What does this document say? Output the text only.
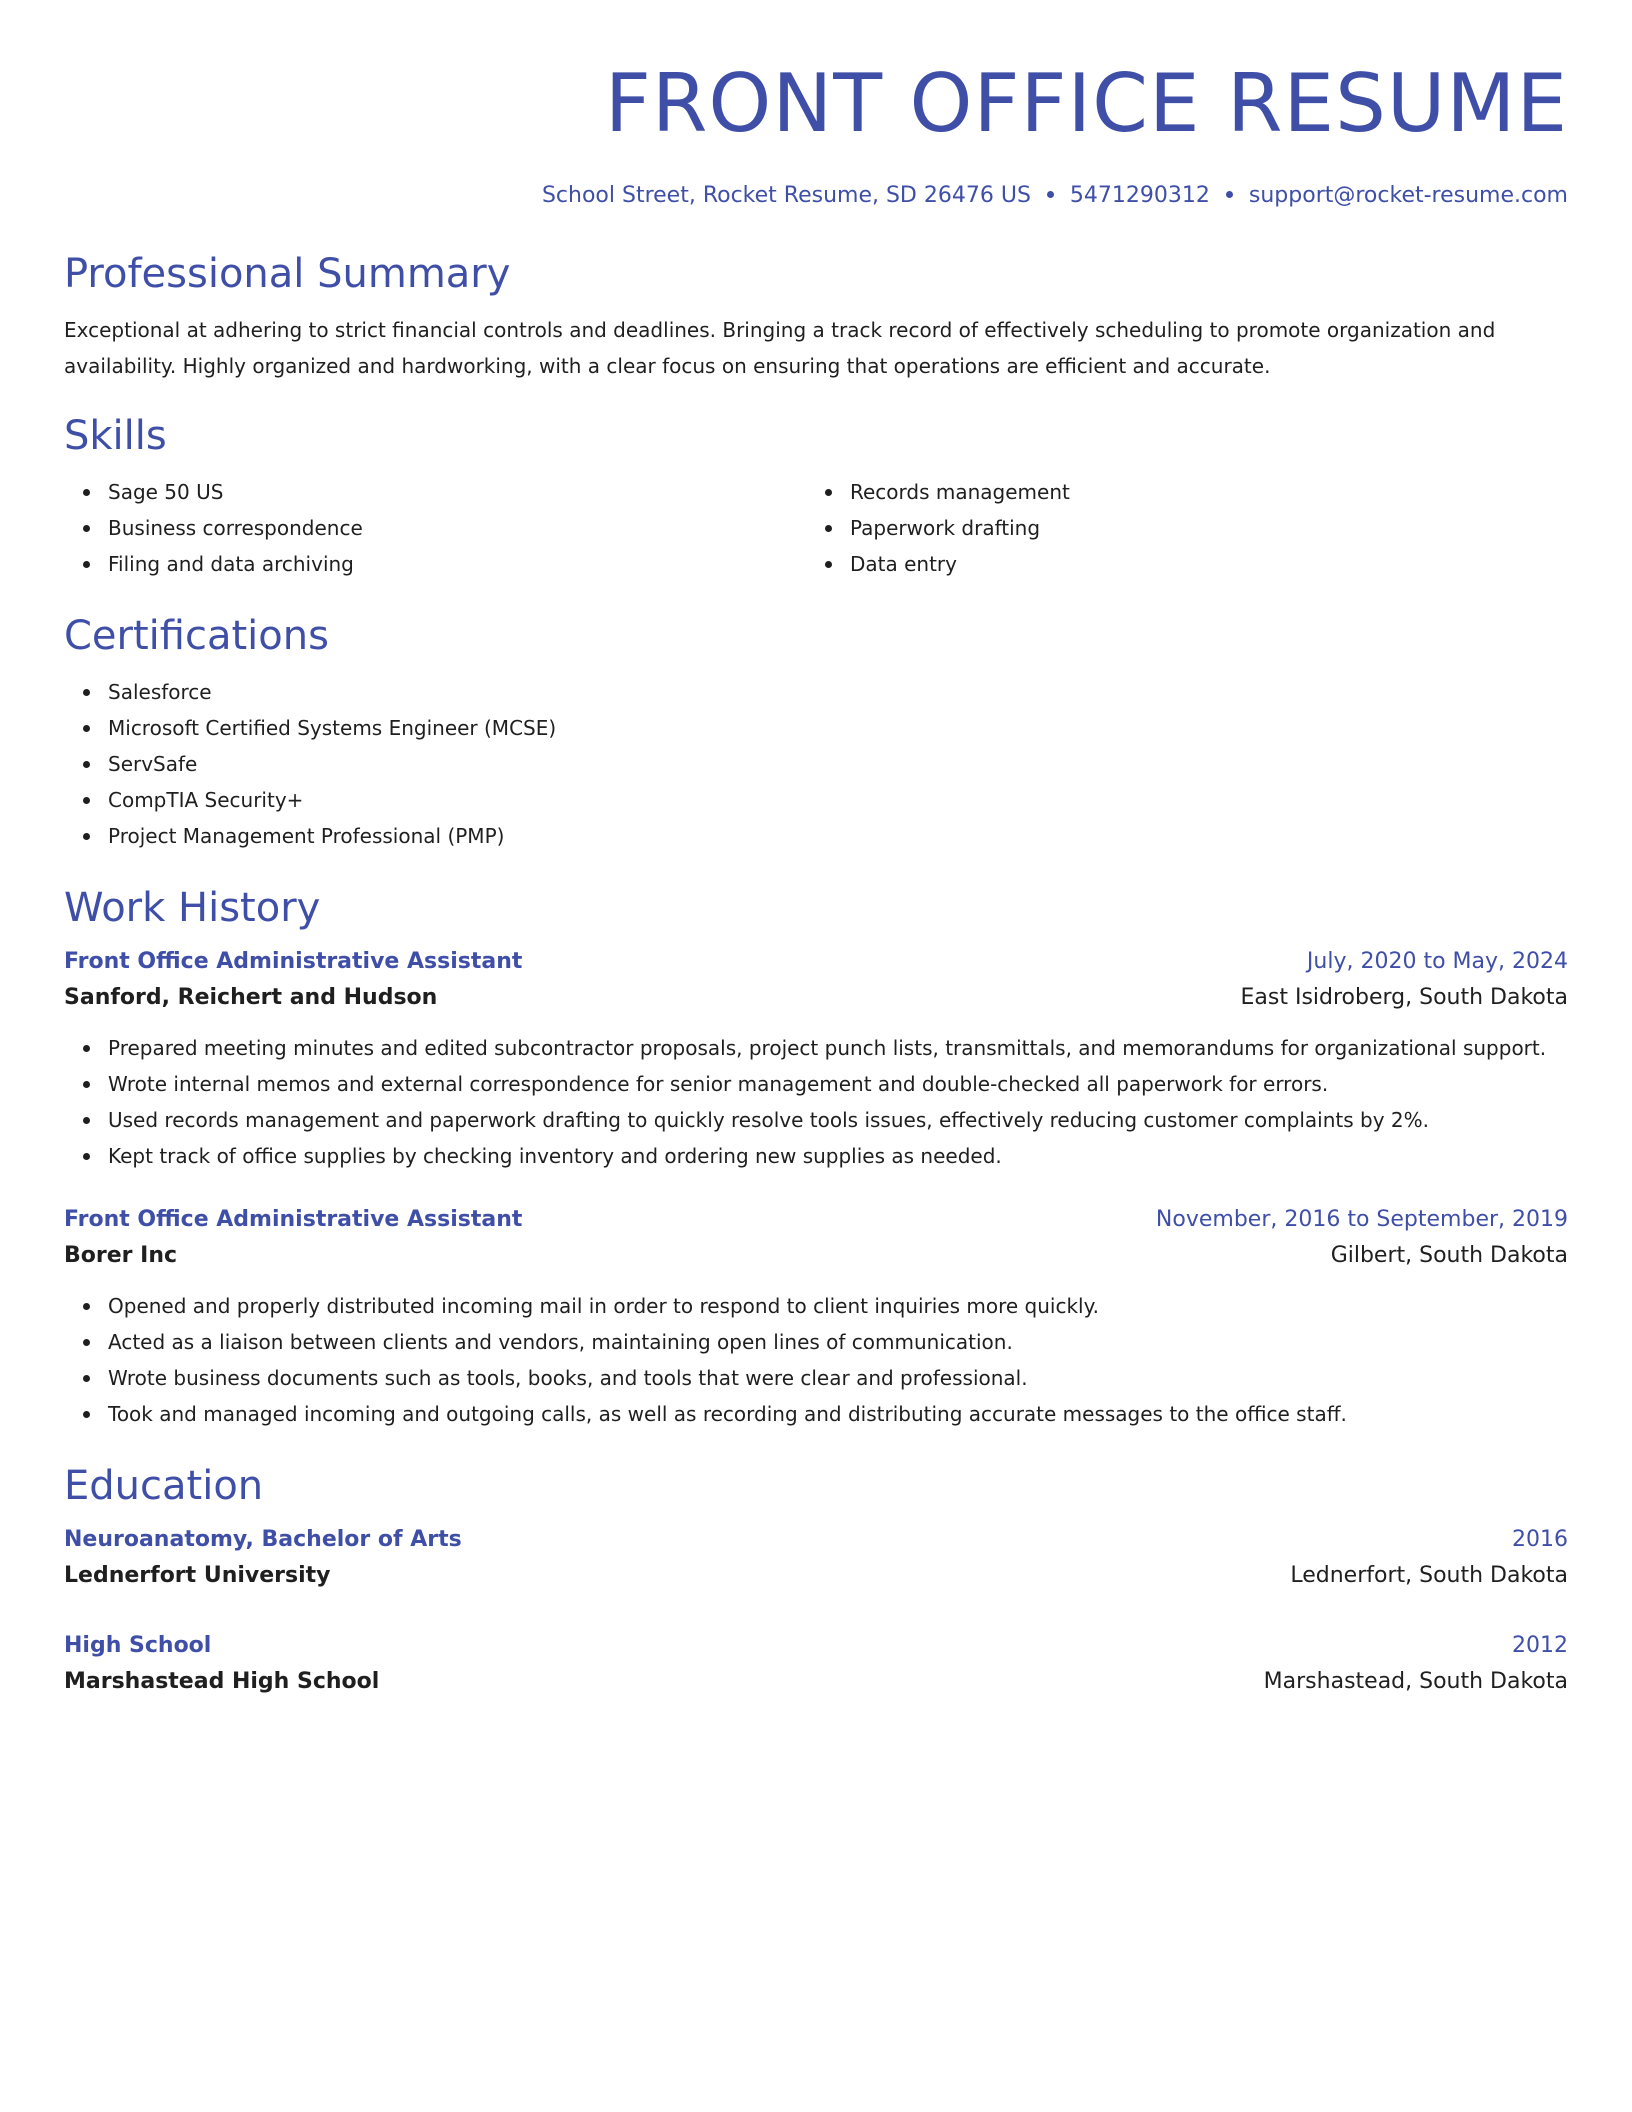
FRONT OFFICE RESUME
School Street, Rocket Resume, SD 26476 US 5471290312 support@rocket-resume.com
Professional Summary

Exceptional at adhering to strict financial controls and deadlines. Bringing a track record of effectively scheduling to promote organization and availability. Highly organized and hardworking, with a clear focus on ensuring that operations are efficient and accurate.

Skills
Sage 50 US
Business correspondence
Filing and data archiving
Records management
Paperwork drafting
Data entry
Certifications
Salesforce
Microsoft Certified Systems Engineer (MCSE)
ServSafe
CompTIA Security+
Project Management Professional (PMP)
Work History
Front Office Administrative Assistant	July, 2020 to May, 2024
Sanford, Reichert and Hudson	East Isidroberg, South Dakota
Prepared meeting minutes and edited subcontractor proposals, project punch lists, transmittals, and memorandums for organizational support.
Wrote internal memos and external correspondence for senior management and double-checked all paperwork for errors.
Used records management and paperwork drafting to quickly resolve tools issues, effectively reducing customer complaints by 2%.
Kept track of office supplies by checking inventory and ordering new supplies as needed.
Front Office Administrative Assistant	November, 2016 to September, 2019
Borer Inc	Gilbert, South Dakota
Opened and properly distributed incoming mail in order to respond to client inquiries more quickly.
Acted as a liaison between clients and vendors, maintaining open lines of communication.
Wrote business documents such as tools, books, and tools that were clear and professional.
Took and managed incoming and outgoing calls, as well as recording and distributing accurate messages to the office staff.
Education
Neuroanatomy, Bachelor of Arts	2016
Lednerfort University	Lednerfort, South Dakota
High School	2012
Marshastead High School	Marshastead, South Dakota
